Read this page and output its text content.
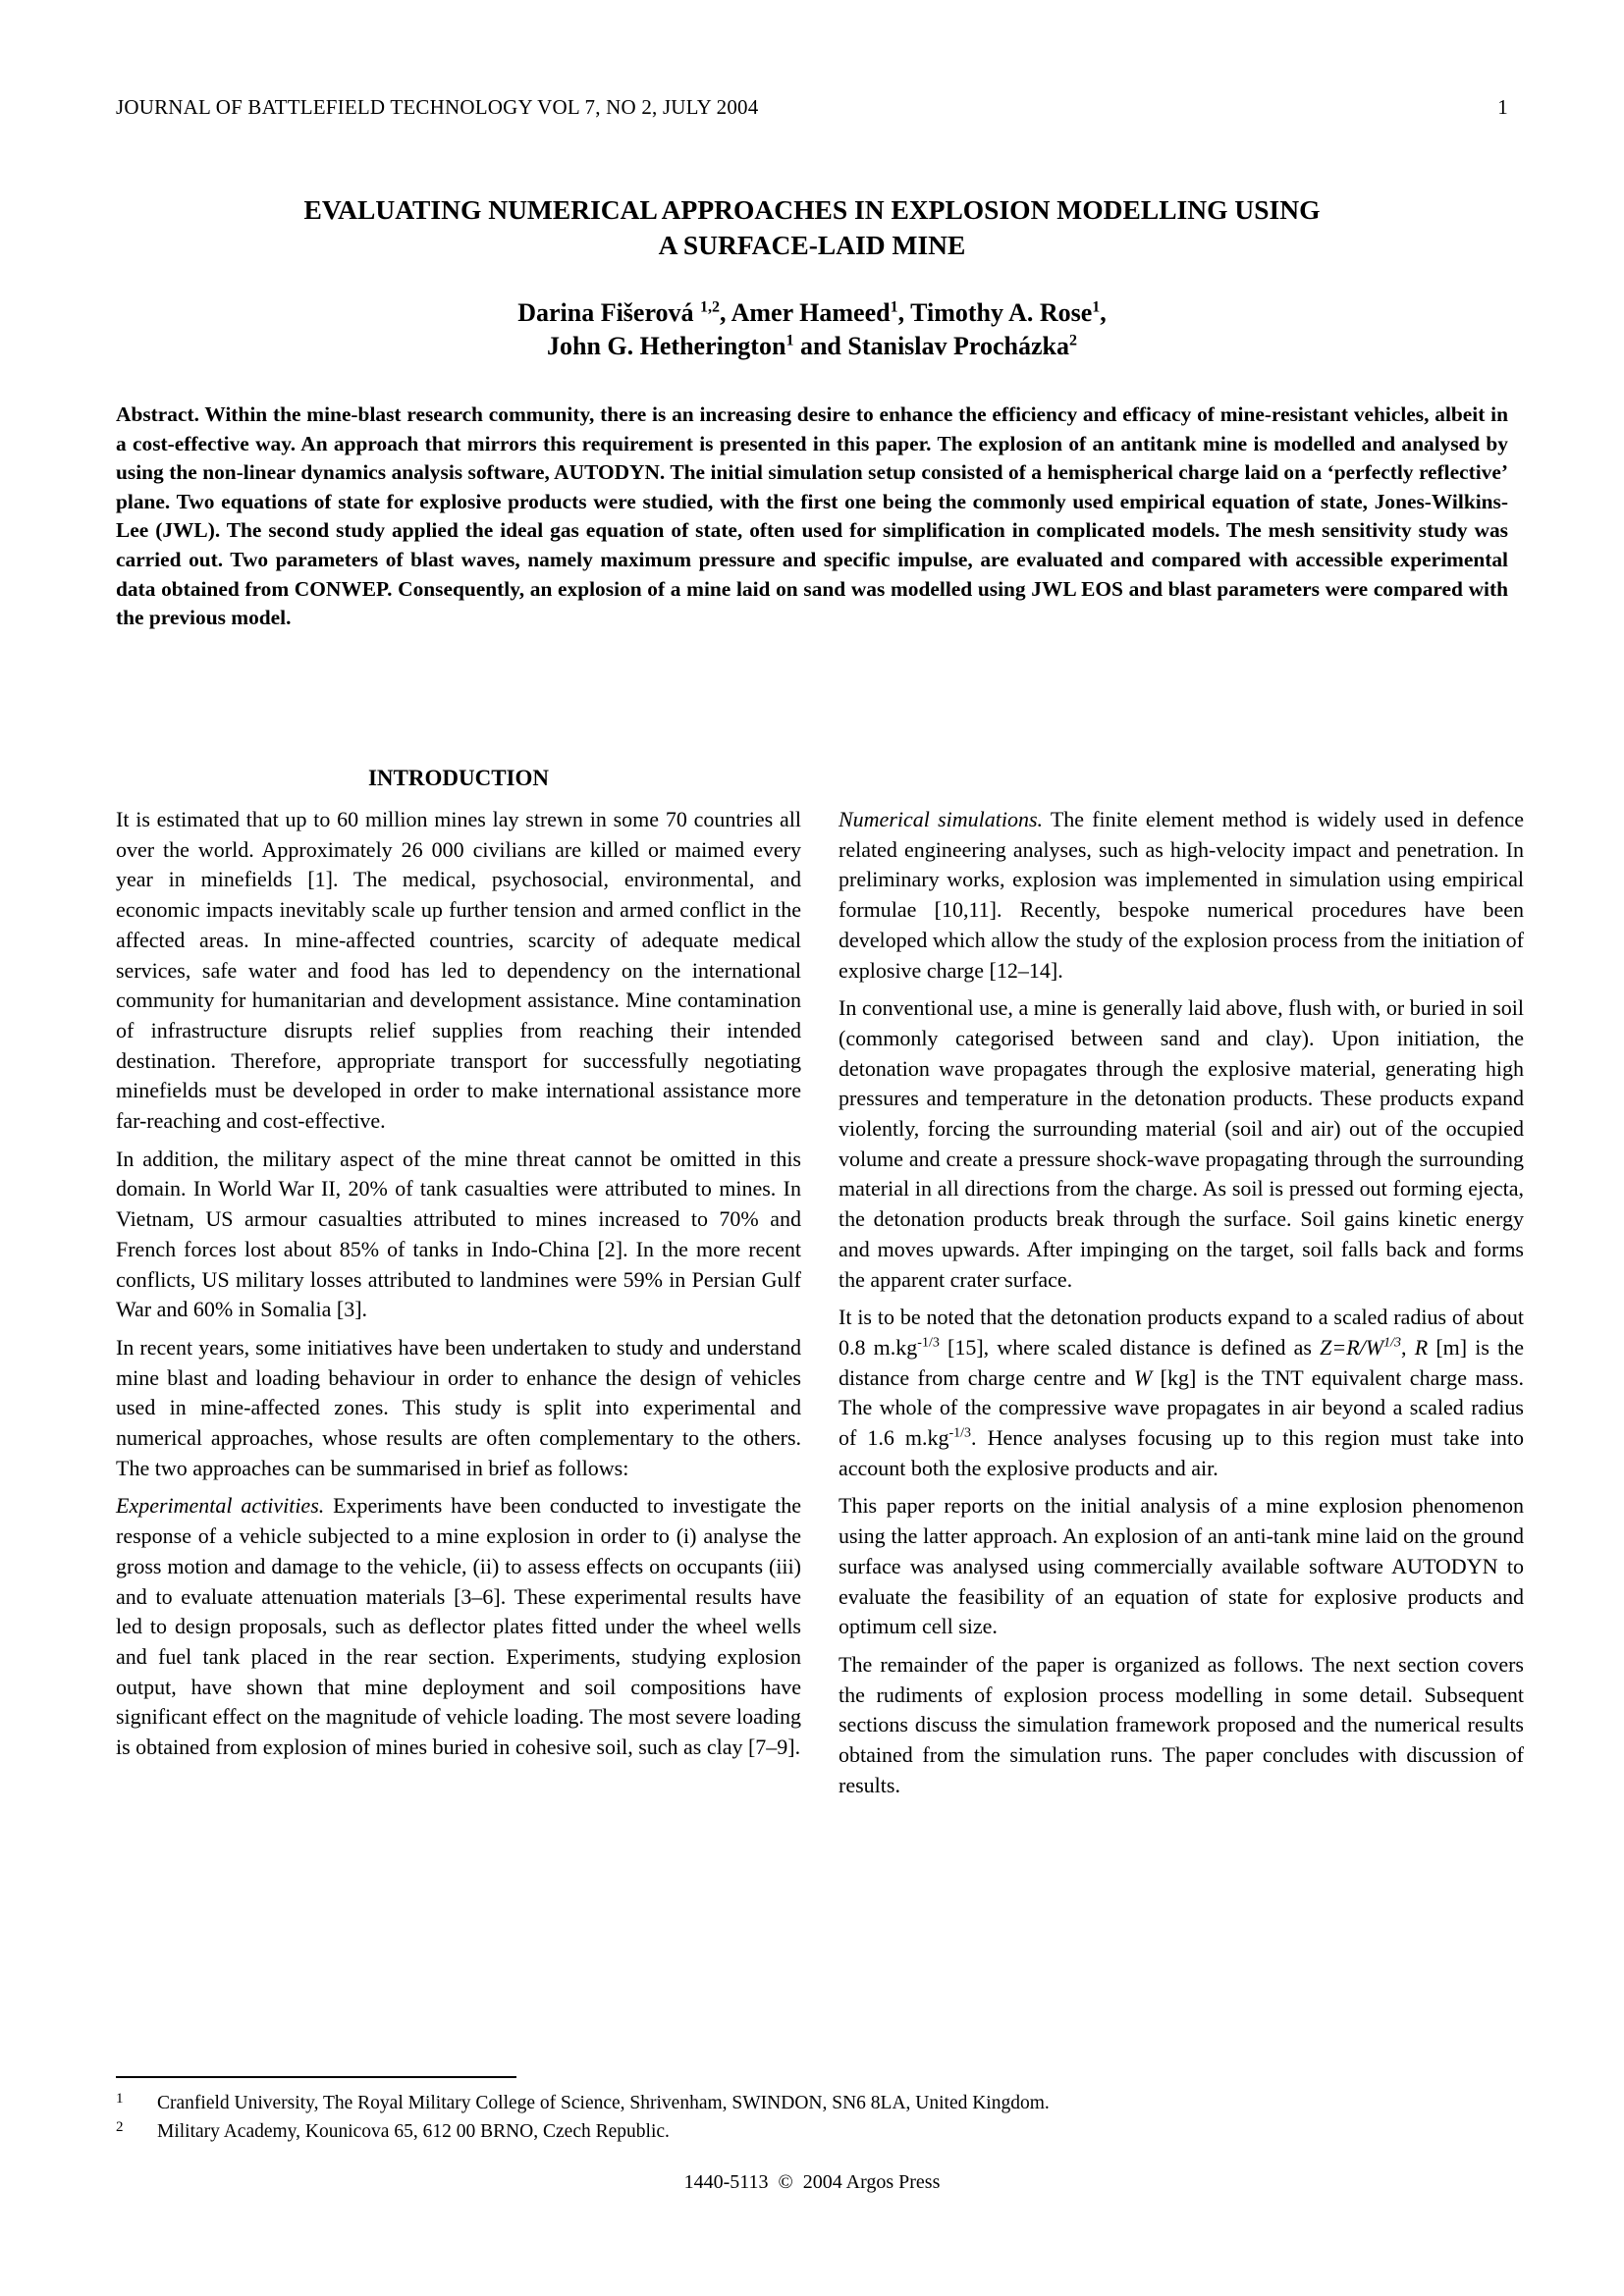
JOURNAL OF BATTLEFIELD TECHNOLOGY VOL 7, NO 2, JULY 2004	1
EVALUATING NUMERICAL APPROACHES IN EXPLOSION MODELLING USING
A SURFACE-LAID MINE
Darina Fišerová $^{1,2}$, Amer Hameed$^1$, Timothy A. Rose$^1$,
John G. Hetherington$^1$ and Stanislav Procházka$^2$
Abstract. Within the mine-blast research community, there is an increasing desire to enhance the efficiency and efficacy of mine-resistant vehicles, albeit in a cost-effective way. An approach that mirrors this requirement is presented in this paper. The explosion of an antitank mine is modelled and analysed by using the non-linear dynamics analysis software, AUTODYN. The initial simulation setup consisted of a hemispherical charge laid on a ‘perfectly reflective’ plane. Two equations of state for explosive products were studied, with the first one being the commonly used empirical equation of state, Jones-Wilkins-Lee (JWL). The second study applied the ideal gas equation of state, often used for simplification in complicated models. The mesh sensitivity study was carried out. Two parameters of blast waves, namely maximum pressure and specific impulse, are evaluated and compared with accessible experimental data obtained from CONWEP. Consequently, an explosion of a mine laid on sand was modelled using JWL EOS and blast parameters were compared with the previous model.

INTRODUCTION

It is estimated that up to 60 million mines lay strewn in some 70 countries all over the world. Approximately 26 000 civilians are killed or maimed every year in minefields [1]. The medical, psychosocial, environmental, and economic impacts inevitably scale up further tension and armed conflict in the affected areas. In mine-affected countries, scarcity of adequate medical services, safe water and food has led to dependency on the international community for humanitarian and development assistance. Mine contamination of infrastructure disrupts relief supplies from reaching their intended destination. Therefore, appropriate transport for successfully negotiating minefields must be developed in order to make international assistance more far-reaching and cost-effective.

In addition, the military aspect of the mine threat cannot be omitted in this domain. In World War II, 20% of tank casualties were attributed to mines. In Vietnam, US armour casualties attributed to mines increased to 70% and French forces lost about 85% of tanks in Indo-China [2]. In the more recent conflicts, US military losses attributed to landmines were 59% in Persian Gulf War and 60% in Somalia [3].

In recent years, some initiatives have been undertaken to study and understand mine blast and loading behaviour in order to enhance the design of vehicles used in mine-affected zones. This study is split into experimental and numerical approaches, whose results are often complementary to the others. The two approaches can be summarised in brief as follows:

Experimental activities. Experiments have been conducted to investigate the response of a vehicle subjected to a mine explosion in order to (i) analyse the gross motion and damage to the vehicle, (ii) to assess effects on occupants (iii) and to evaluate attenuation materials [3–6]. These experimental results have led to design proposals, such as deflector plates fitted under the wheel wells and fuel tank placed in the rear section. Experiments, studying explosion output, have shown that mine deployment and soil compositions have significant effect on the magnitude of vehicle loading. The most severe loading is obtained from explosion of mines buried in cohesive soil, such as clay [7–9].

Numerical simulations. The finite element method is widely used in defence related engineering analyses, such as high-velocity impact and penetration. In preliminary works, explosion was implemented in simulation using empirical formulae [10,11]. Recently, bespoke numerical procedures have been developed which allow the study of the explosion process from the initiation of explosive charge [12–14].

In conventional use, a mine is generally laid above, flush with, or buried in soil (commonly categorised between sand and clay). Upon initiation, the detonation wave propagates through the explosive material, generating high pressures and temperature in the detonation products. These products expand violently, forcing the surrounding material (soil and air) out of the occupied volume and create a pressure shock-wave propagating through the surrounding material in all directions from the charge. As soil is pressed out forming ejecta, the detonation products break through the surface. Soil gains kinetic energy and moves upwards. After impinging on the target, soil falls back and forms the apparent crater surface.

It is to be noted that the detonation products expand to a scaled radius of about 0.8 $m.kg^{-1/3}$ [15], where scaled distance is defined as $Z=R/W^{1/3}$, R [m] is the distance from charge centre and W [kg] is the TNT equivalent charge mass. The whole of the compressive wave propagates in air beyond a scaled radius of 1.6 $m.kg^{-1/3}$. Hence analyses focusing up to this region must take into account both the explosive products and air.

This paper reports on the initial analysis of a mine explosion phenomenon using the latter approach. An explosion of an anti-tank mine laid on the ground surface was analysed using commercially available software AUTODYN to evaluate the feasibility of an equation of state for explosive products and optimum cell size.

The remainder of the paper is organized as follows. The next section covers the rudiments of explosion process modelling in some detail. Subsequent sections discuss the simulation framework proposed and the numerical results obtained from the simulation runs. The paper concludes with discussion of results.

1	Cranfield University, The Royal Military College of Science, Shrivenham, SWINDON, SN6 8LA, United Kingdom.
2	Military Academy, Kounicova 65, 612 00 BRNO, Czech Republic.
1440-5113  ©  2004 Argos Press
